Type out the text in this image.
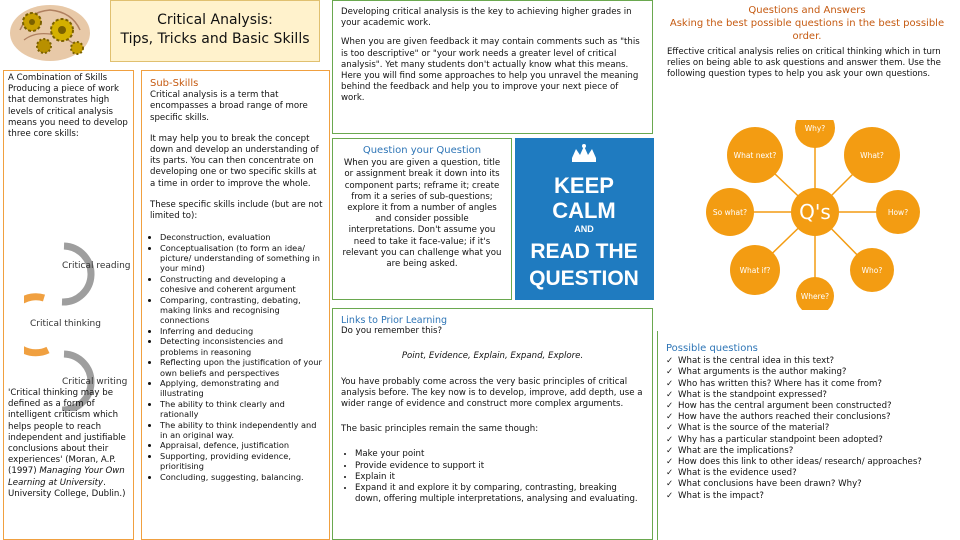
Critical Analysis:
Tips, Tricks and Basic Skills
A Combination of Skills Producing a piece of work that demonstrates high levels of critical analysis means you need to develop three core skills:
Critical reading
Critical thinking
Critical writing
'Critical thinking may be defined as a form of intelligent criticism which helps people to reach independent and justifiable conclusions about their experiences' (Moran, A.P. (1997) Managing Your Own Learning at University. University College, Dublin.)
Sub-Skills

Critical analysis is a term that encompasses a broad range of more specific skills.

It may help you to break the concept down and develop an understanding of its parts. You can then concentrate on developing one or two specific skills at a time in order to improve the whole.

These specific skills include (but are not limited to):

• Deconstruction, evaluation
• Conceptualisation (to form an idea/ picture/ understanding of something in your mind)
• Constructing and developing a cohesive and coherent argument
• Comparing, contrasting, debating, making links and recognising connections
• Inferring and deducing
• Detecting inconsistencies and problems in reasoning
• Reflecting upon the justification of your own beliefs and perspectives
• Applying, demonstrating and illustrating
• The ability to think clearly and rationally
• The ability to think independently and in an original way.
• Appraisal, defence, justification
• Supporting, providing evidence, prioritising
• Concluding, suggesting, balancing.

Developing critical analysis is the key to achieving higher grades in your academic work.

When you are given feedback it may contain comments such as "this is too descriptive" or "your work needs a greater level of critical analysis". Yet many students don't actually know what this means. Here you will find some approaches to help you unravel the meaning behind the feedback and help you to improve your next piece of work.

Question your Question
When you are given a question, title or assignment break it down into its component parts; reframe it; create from it a series of sub-questions; explore it from a number of angles and consider possible interpretations. Don't assume you need to take it face-value; if it's relevant you can challenge what you are being asked.
KEEP
CALM
AND
READ THE
QUESTION
Links to Prior Learning

Do you remember this?

Point, Evidence, Explain, Expand, Explore.

You have probably come across the very basic principles of critical analysis before. The key now is to develop, improve, add depth, use a wider range of evidence and construct more complex arguments.

The basic principles remain the same though:

• Make your point
• Provide evidence to support it
• Explain it
• Expand it and explore it by comparing, contrasting, breaking down, offering multiple interpretations, analysing and evaluating.
Questions and Answers
Asking the best possible questions in the best possible order.
Effective critical analysis relies on critical thinking which in turn relies on being able to ask questions and answer them. Use the following question types to help you ask your own questions.
Q's
Why?
What?
How?
Who?
Where?
What if?
So what?
What next?
Possible questions
✓ What is the central idea in this text?
✓ What arguments is the author making?
✓ Who has written this? Where has it come from?
✓ What is the standpoint expressed?
✓ How has the central argument been constructed?
✓ How have the authors reached their conclusions?
✓ What is the source of the material?
✓ Why has a particular standpoint been adopted?
✓ What are the implications?
✓ How does this link to other ideas/ research/ approaches?
✓ What is the evidence used?
✓ What conclusions have been drawn? Why?
✓ What is the impact?
